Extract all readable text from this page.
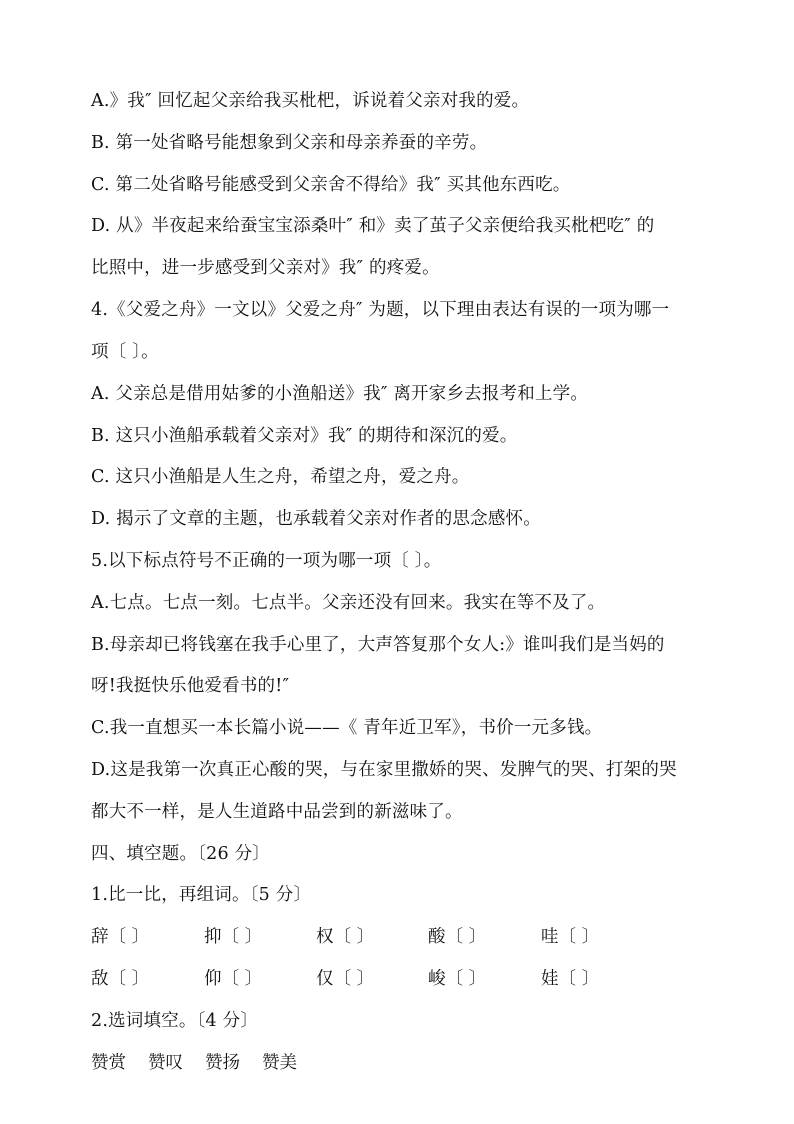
A.》我″ 回忆起父亲给我买枇杷，诉说着父亲对我的爱。
B. 第一处省略号能想象到父亲和母亲养蚕的辛劳。
C. 第二处省略号能感受到父亲舍不得给》我″ 买其他东西吃。
D. 从》半夜起来给蚕宝宝添桑叶″ 和》卖了茧子父亲便给我买枇杷吃″ 的
比照中，进一步感受到父亲对》我″ 的疼爱。
4.《父爱之舟》一文以》父爱之舟″ 为题，以下理由表达有误的一项为哪一
项〔 〕。
A. 父亲总是借用姑爹的小渔船送》我″ 离开家乡去报考和上学。
B. 这只小渔船承载着父亲对》我″ 的期待和深沉的爱。
C. 这只小渔船是人生之舟，希望之舟，爱之舟。
D. 揭示了文章的主题，也承载着父亲对作者的思念感怀。
5.以下标点符号不正确的一项为哪一项〔 〕。
A.七点。七点一刻。七点半。父亲还没有回来。我实在等不及了。
B.母亲却已将钱塞在我手心里了，大声答复那个女人:》谁叫我们是当妈的
呀!我挺快乐他爱看书的!″
C.我一直想买一本长篇小说——《 青年近卫军》，书价一元多钱。
D.这是我第一次真正心酸的哭，与在家里撒娇的哭、发脾气的哭、打架的哭
都大不一样，是人生道路中品尝到的新滋味了。
四、填空题。〔26 分〕
1.比一比，再组词。〔5 分〕
辞〔 〕	抑〔 〕	权〔 〕	酸〔 〕	哇〔 〕
敌〔 〕	仰〔 〕	仅〔 〕	峻〔 〕	娃〔 〕
2.选词填空。〔4 分〕
赞赏 赞叹 赞扬 赞美
